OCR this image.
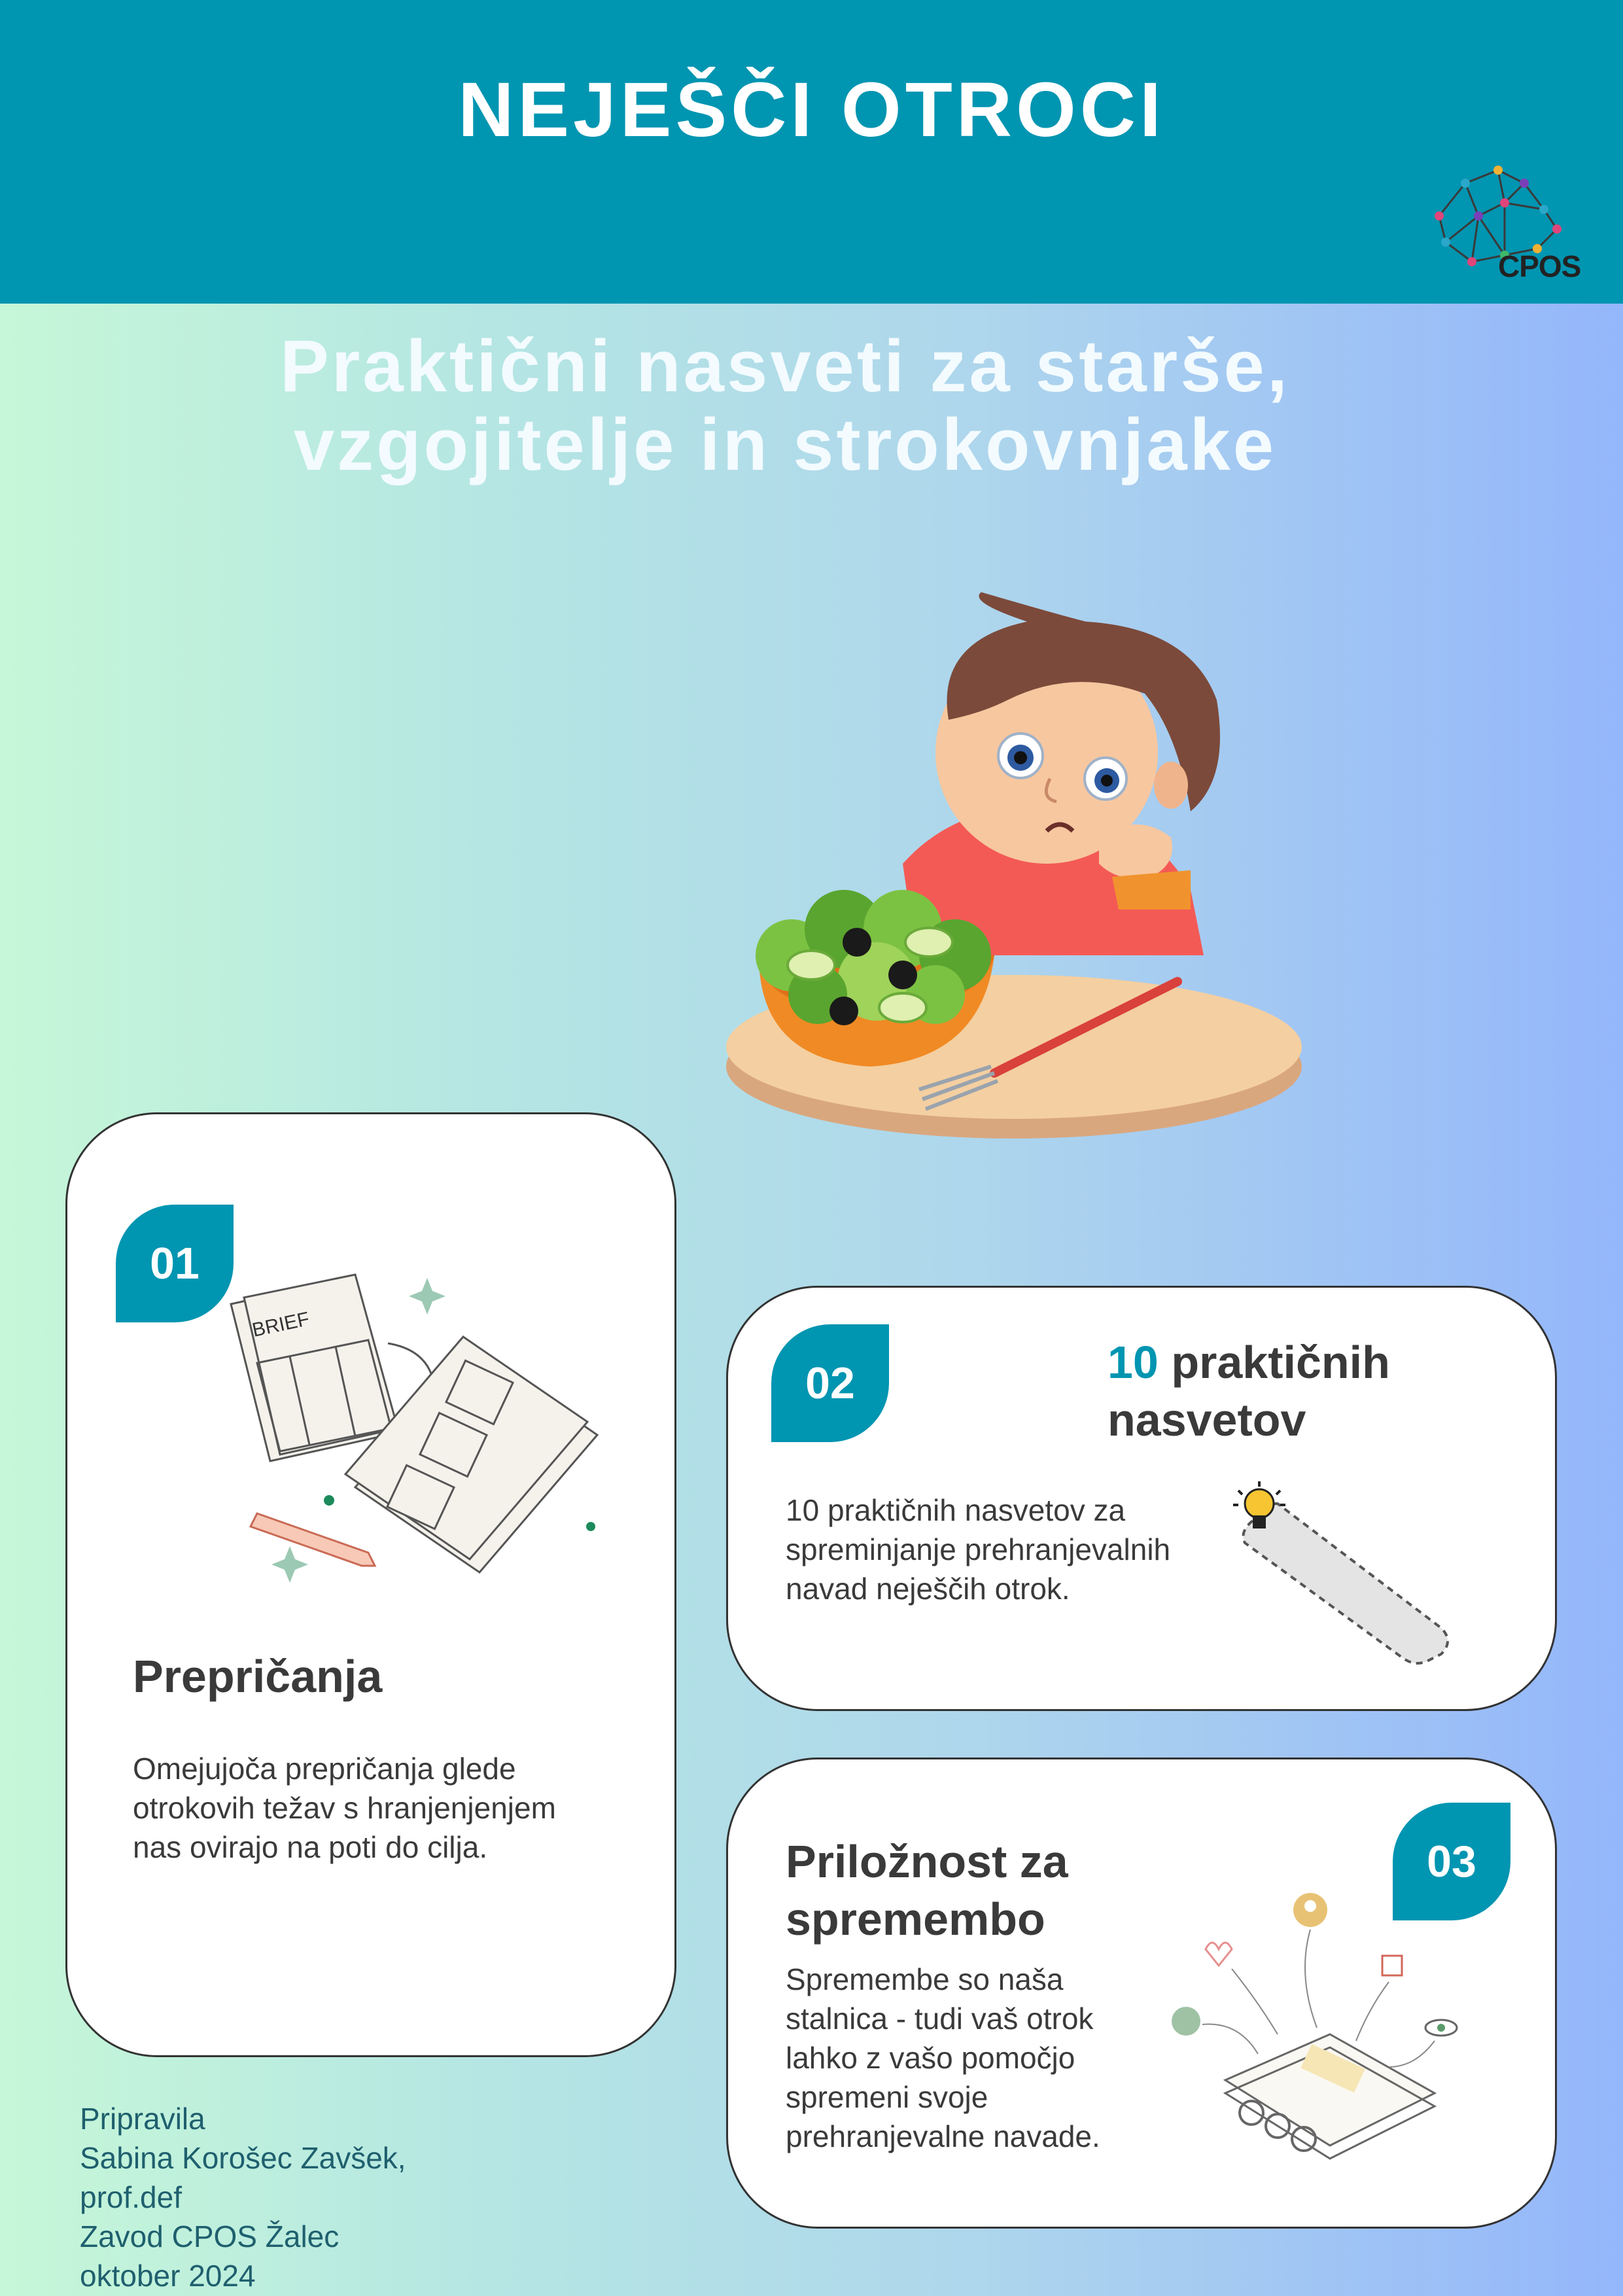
NEJEŠČI OTROCI
CPOS
Praktični nasveti za starše,
vzgojitelje in strokovnjake
01
BRIEF
Prepričanja
Omejujoča prepričanja glede otrokovih težav s hranjenjenjem nas ovirajo na poti do cilja.
02	10 praktičnih
nasvetov
10 praktičnih nasvetov za spreminjanje prehranjevalnih navad neješčih otrok.
03
Priložnost za spremembo
Spremembe so naša stalnica - tudi vaš otrok lahko z vašo pomočjo spremeni svoje prehranjevalne navade.
Pripravila
Sabina Korošec Zavšek,
prof.def
Zavod CPOS Žalec
oktober 2024
